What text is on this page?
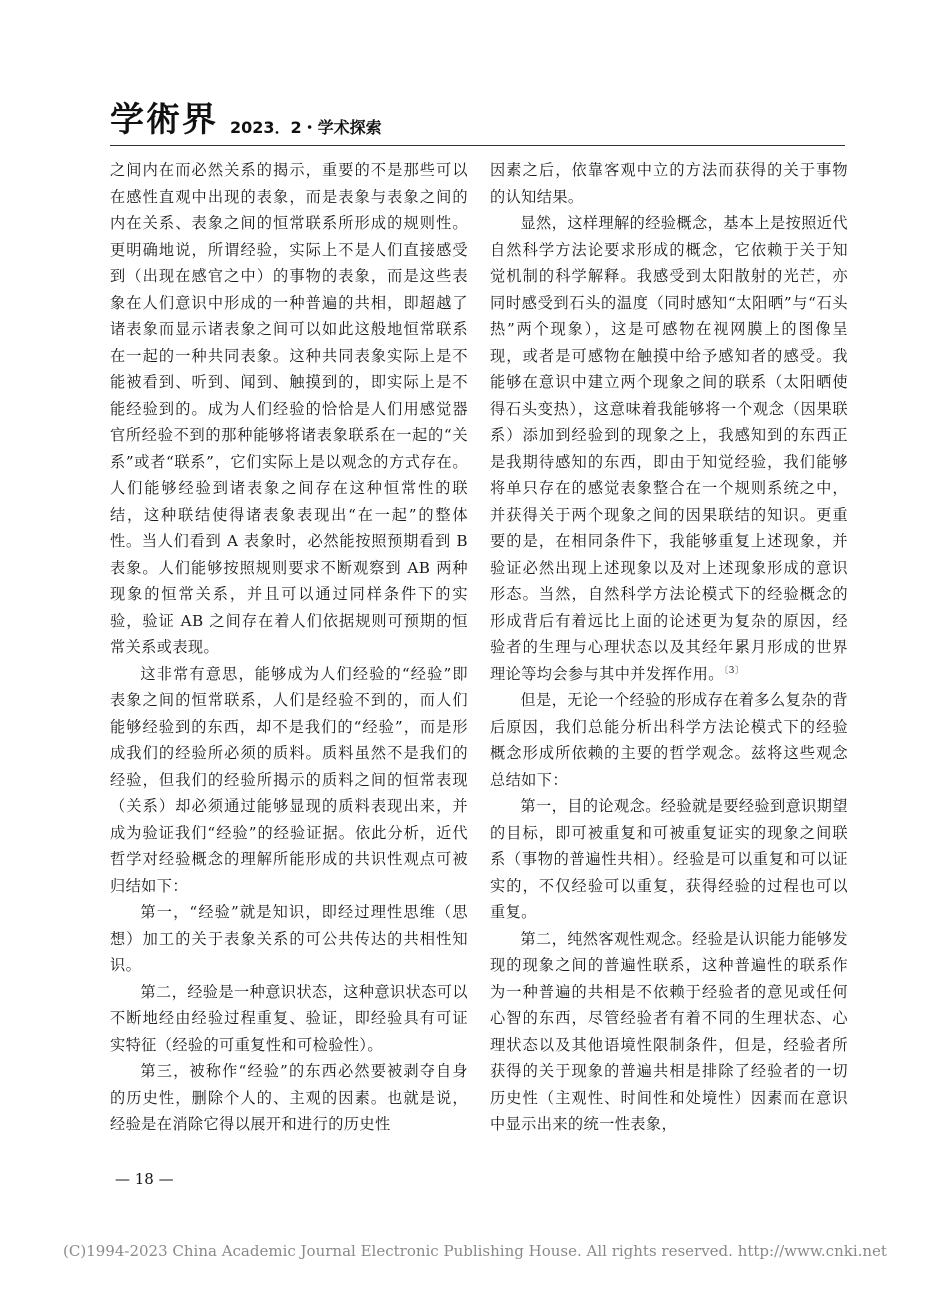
学術界 2023．2・学术探索

之间内在而必然关系的揭示，重要的不是那些可以在感性直观中出现的表象，而是表象与表象之间的内在关系、表象之间的恒常联系所形成的规则性。更明确地说，所谓经验，实际上不是人们直接感受到（出现在感官之中）的事物的表象，而是这些表象在人们意识中形成的一种普遍的共相，即超越了诸表象而显示诸表象之间可以如此这般地恒常联系在一起的一种共同表象。这种共同表象实际上是不能被看到、听到、闻到、触摸到的，即实际上是不能经验到的。成为人们经验的恰恰是人们用感觉器官所经验不到的那种能够将诸表象联系在一起的“关系”或者“联系”，它们实际上是以观念的方式存在。人们能够经验到诸表象之间存在这种恒常性的联结，这种联结使得诸表象表现出“在一起”的整体性。当人们看到 A 表象时，必然能按照预期看到 B 表象。人们能够按照规则要求不断观察到 AB 两种现象的恒常关系，并且可以通过同样条件下的实验，验证 AB 之间存在着人们依据规则可预期的恒常关系或表现。

这非常有意思，能够成为人们经验的“经验”即表象之间的恒常联系，人们是经验不到的，而人们能够经验到的东西，却不是我们的“经验”，而是形成我们的经验所必须的质料。质料虽然不是我们的经验，但我们的经验所揭示的质料之间的恒常表现（关系）却必须通过能够显现的质料表现出来，并成为验证我们“经验”的经验证据。依此分析，近代哲学对经验概念的理解所能形成的共识性观点可被归结如下：

第一，“经验”就是知识，即经过理性思维（思想）加工的关于表象关系的可公共传达的共相性知识。

第二，经验是一种意识状态，这种意识状态可以不断地经由经验过程重复、验证，即经验具有可证实特征（经验的可重复性和可检验性）。

第三，被称作“经验”的东西必然要被剥夺自身的历史性，删除个人的、主观的因素。也就是说，经验是在消除它得以展开和进行的历史性

因素之后，依靠客观中立的方法而获得的关于事物的认知结果。

显然，这样理解的经验概念，基本上是按照近代自然科学方法论要求形成的概念，它依赖于关于知觉机制的科学解释。我感受到太阳散射的光芒，亦同时感受到石头的温度（同时感知“太阳晒”与“石头热”两个现象），这是可感物在视网膜上的图像呈现，或者是可感物在触摸中给予感知者的感受。我能够在意识中建立两个现象之间的联系（太阳晒使得石头变热），这意味着我能够将一个观念（因果联系）添加到经验到的现象之上，我感知到的东西正是我期待感知的东西，即由于知觉经验，我们能够将单只存在的感觉表象整合在一个规则系统之中，并获得关于两个现象之间的因果联结的知识。更重要的是，在相同条件下，我能够重复上述现象，并验证必然出现上述现象以及对上述现象形成的意识形态。当然，自然科学方法论模式下的经验概念的形成背后有着远比上面的论述更为复杂的原因，经验者的生理与心理状态以及其经年累月形成的世界理论等均会参与其中并发挥作用。$^{〔3〕}$

但是，无论一个经验的形成存在着多么复杂的背后原因，我们总能分析出科学方法论模式下的经验概念形成所依赖的主要的哲学观念。兹将这些观念总结如下：

第一，目的论观念。经验就是要经验到意识期望的目标，即可被重复和可被重复证实的现象之间联系（事物的普遍性共相）。经验是可以重复和可以证实的，不仅经验可以重复，获得经验的过程也可以重复。

第二，纯然客观性观念。经验是认识能力能够发现的现象之间的普遍性联系，这种普遍性的联系作为一种普遍的共相是不依赖于经验者的意见或任何心智的东西，尽管经验者有着不同的生理状态、心理状态以及其他语境性限制条件，但是，经验者所获得的关于现象的普遍共相是排除了经验者的一切历史性（主观性、时间性和处境性）因素而在意识中显示出来的统一性表象，

— 18 —
(C)1994-2023 China Academic Journal Electronic Publishing House. All rights reserved. http://www.cnki.net
